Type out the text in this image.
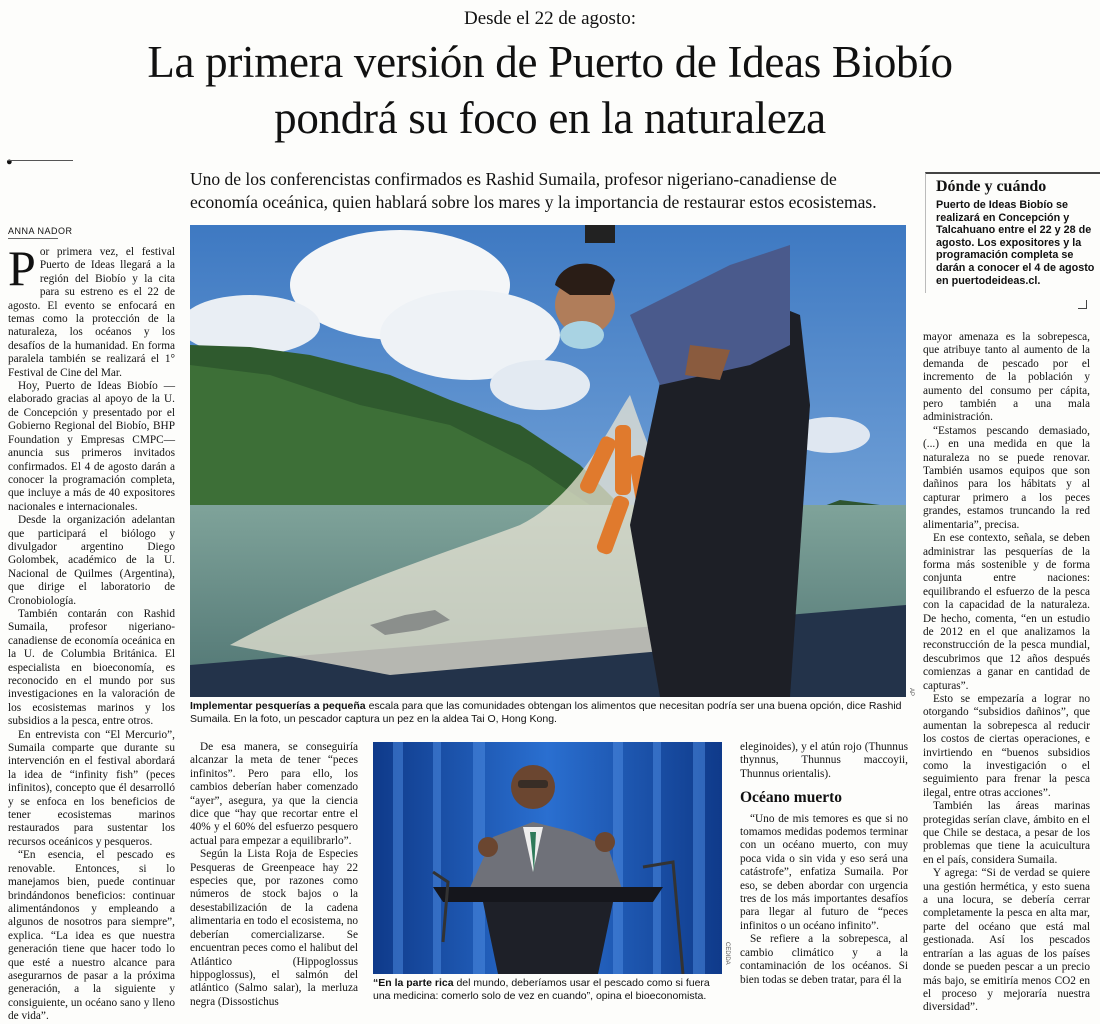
Desde el 22 de agosto:
La primera versión de Puerto de Ideas Biobío
pondrá su foco en la naturaleza
●
Uno de los conferencistas confirmados es Rashid Sumaila, profesor nigeriano-canadiense de economía oceánica, quien hablará sobre los mares y la importancia de restaurar estos ecosistemas.
ANNA NADOR
Dónde y cuándo
Puerto de Ideas Biobío se realizará en Concepción y Talcahuano entre el 22 y 28 de agosto. Los expositores y la programación completa se darán a conocer el 4 de agosto en puertodeideas.cl.

Por primera vez, el festival Puerto de Ideas llegará a la región del Biobío y la cita para su estreno es el 22 de agosto. El evento se enfocará en temas como la protección de la naturaleza, los océanos y los desafíos de la humanidad. En forma paralela también se realizará el 1° Festival de Cine del Mar.

Hoy, Puerto de Ideas Biobío —elaborado gracias al apoyo de la U. de Concepción y presentado por el Gobierno Regional del Biobío, BHP Foundation y Empresas CMPC— anuncia sus primeros invitados confirmados. El 4 de agosto darán a conocer la programación completa, que incluye a más de 40 expositores nacionales e internacionales.

Desde la organización adelantan que participará el biólogo y divulgador argentino Diego Golombek, académico de la U. Nacional de Quilmes (Argentina), que dirige el laboratorio de Cronobiología.

También contarán con Rashid Sumaila, profesor nigeriano-canadiense de economía oceánica en la U. de Columbia Británica. El especialista en bioeconomía, es reconocido en el mundo por sus investigaciones en la valoración de los ecosistemas marinos y los subsidios a la pesca, entre otros.

En entrevista con “El Mercurio”, Sumaila comparte que durante su intervención en el festival abordará la idea de “infinity fish” (peces infinitos), concepto que él desarrolló y se enfoca en los beneficios de tener ecosistemas marinos restaurados para sustentar los recursos oceánicos y pesqueros.

“En esencia, el pescado es renovable. Entonces, si lo manejamos bien, puede continuar brindándonos beneficios: continuar alimentándonos y empleando a algunos de nosotros para siempre”, explica. “La idea es que nuestra generación tiene que hacer todo lo que esté a nuestro alcance para asegurarnos de pasar a la próxima generación, a la siguiente y consiguiente, un océano sano y lleno de vida”.

AP
Implementar pesquerías a pequeña escala para que las comunidades obtengan los alimentos que necesitan podría ser una buena opción, dice Rashid Sumaila. En la foto, un pescador captura un pez en la aldea Tai O, Hong Kong.

De esa manera, se conseguiría alcanzar la meta de tener “peces infinitos”. Pero para ello, los cambios deberían haber comenzado “ayer”, asegura, ya que la ciencia dice que “hay que recortar entre el 40% y el 60% del esfuerzo pesquero actual para empezar a equilibrarlo”.

Según la Lista Roja de Especies Pesqueras de Greenpeace hay 22 especies que, por razones como números de stock bajos o la desestabilización de la cadena alimentaria en todo el ecosistema, no deberían comercializarse. Se encuentran peces como el halibut del Atlántico (Hippoglossus hippoglossus), el salmón del atlántico (Salmo salar), la merluza negra (Dissostichus

CEDIDA
“En la parte rica del mundo, deberíamos usar el pescado como si fuera una medicina: comerlo solo de vez en cuando”, opina el bioeconomista.

eleginoides), y el atún rojo (Thunnus thynnus, Thunnus maccoyii, Thunnus orientalis).

Océano muerto

“Uno de mis temores es que si no tomamos medidas podemos terminar con un océano muerto, con muy poca vida o sin vida y eso será una catástrofe”, enfatiza Sumaila. Por eso, se deben abordar con urgencia tres de los más importantes desafíos para llegar al futuro de “peces infinitos o un océano infinito”.

Se refiere a la sobrepesca, al cambio climático y a la contaminación de los océanos. Si bien todas se deben tratar, para él la

mayor amenaza es la sobrepesca, que atribuye tanto al aumento de la demanda de pescado por el incremento de la población y aumento del consumo per cápita, pero también a una mala administración.

“Estamos pescando demasiado, (...) en una medida en que la naturaleza no se puede renovar. También usamos equipos que son dañinos para los hábitats y al capturar primero a los peces grandes, estamos truncando la red alimentaria”, precisa.

En ese contexto, señala, se deben administrar las pesquerías de la forma más sostenible y de forma conjunta entre naciones: equilibrando el esfuerzo de la pesca con la capacidad de la naturaleza. De hecho, comenta, “en un estudio de 2012 en el que analizamos la reconstrucción de la pesca mundial, descubrimos que 12 años después comienzas a ganar en cantidad de capturas”.

Esto se empezaría a lograr no otorgando “subsidios dañinos”, que aumentan la sobrepesca al reducir los costos de ciertas operaciones, e invirtiendo en “buenos subsidios como la investigación o el seguimiento para frenar la pesca ilegal, entre otras acciones”.

También las áreas marinas protegidas serían clave, ámbito en el que Chile se destaca, a pesar de los problemas que tiene la acuicultura en el país, considera Sumaila.

Y agrega: “Si de verdad se quiere una gestión hermética, y esto suena a una locura, se debería cerrar completamente la pesca en alta mar, parte del océano que está mal gestionada. Así los pescados entrarían a las aguas de los países donde se pueden pescar a un precio más bajo, se emitiría menos CO2 en el proceso y mejoraría nuestra diversidad”.
